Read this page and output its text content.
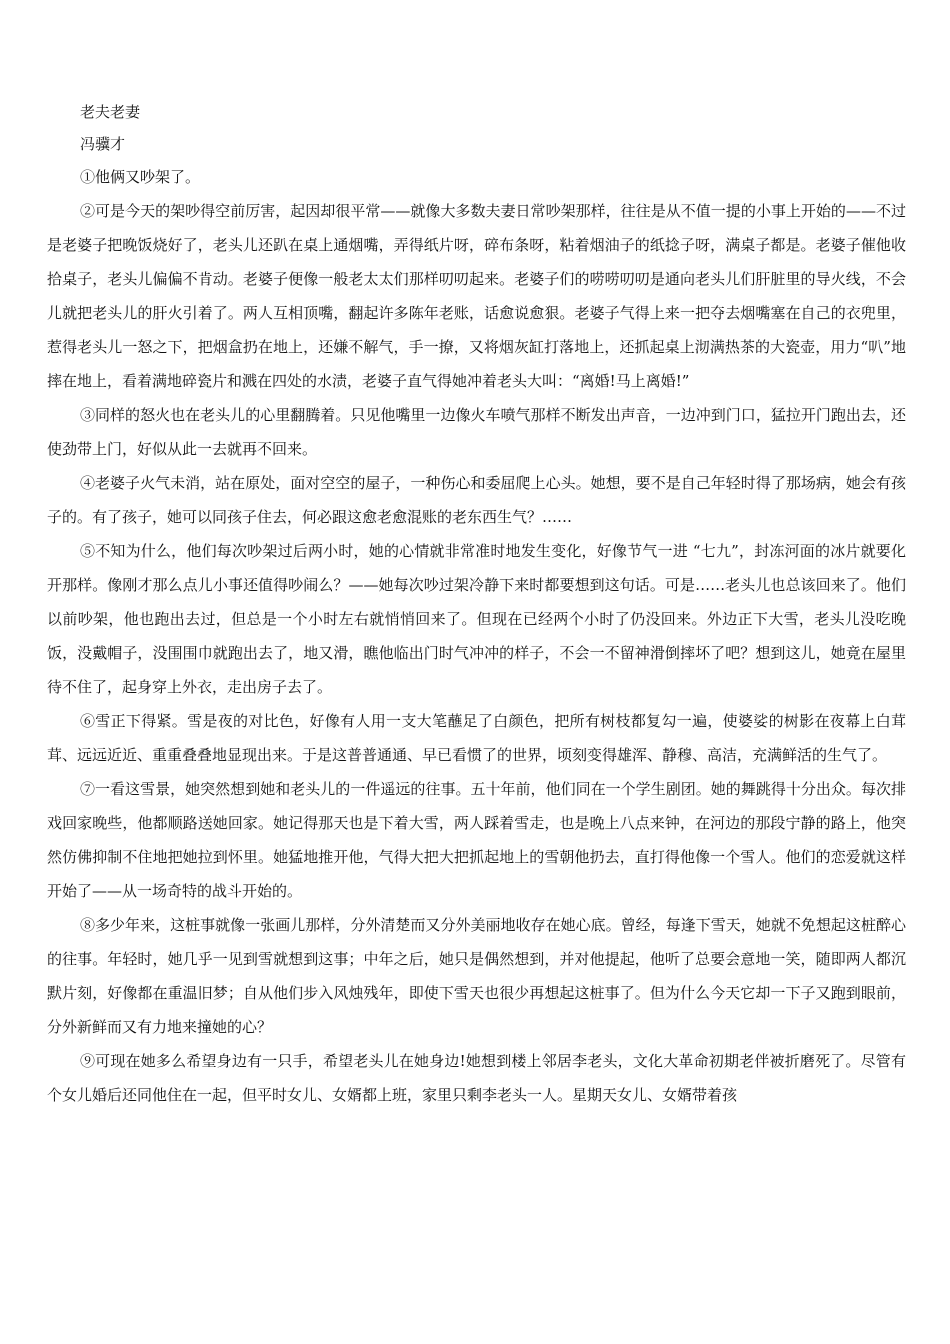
老夫老妻
冯骥才

①他俩又吵架了。

②可是今天的架吵得空前厉害，起因却很平常——就像大多数夫妻日常吵架那样，往往是从不值一提的小事上开始的——不过是老婆子把晚饭烧好了，老头儿还趴在桌上通烟嘴，弄得纸片呀，碎布条呀，粘着烟油子的纸捻子呀，满桌子都是。老婆子催他收拾桌子，老头儿偏偏不肯动。老婆子便像一般老太太们那样叨叨起来。老婆子们的唠唠叨叨是通向老头儿们肝脏里的导火线，不会儿就把老头儿的肝火引着了。两人互相顶嘴，翻起许多陈年老账，话愈说愈狠。老婆子气得上来一把夺去烟嘴塞在自己的衣兜里，惹得老头儿一怒之下，把烟盒扔在地上，还嫌不解气，手一撩，又将烟灰缸打落地上，还抓起桌上沏满热茶的大瓷壶，用力“叭”地摔在地上，看着满地碎瓷片和溅在四处的水渍，老婆子直气得她冲着老头大叫：“离婚!马上离婚!”

③同样的怒火也在老头儿的心里翻腾着。只见他嘴里一边像火车喷气那样不断发出声音，一边冲到门口，猛拉开门跑出去，还使劲带上门，好似从此一去就再不回来。

④老婆子火气未消，站在原处，面对空空的屋子，一种伤心和委屈爬上心头。她想，要不是自己年轻时得了那场病，她会有孩子的。有了孩子，她可以同孩子住去，何必跟这愈老愈混账的老东西生气？……

⑤不知为什么，他们每次吵架过后两小时，她的心情就非常准时地发生变化，好像节气一进 “七九”，封冻河面的冰片就要化开那样。像刚才那么点儿小事还值得吵闹么？——她每次吵过架冷静下来时都要想到这句话。可是……老头儿也总该回来了。他们以前吵架，他也跑出去过，但总是一个小时左右就悄悄回来了。但现在已经两个小时了仍没回来。外边正下大雪，老头儿没吃晚饭，没戴帽子，没围围巾就跑出去了，地又滑，瞧他临出门时气冲冲的样子，不会一不留神滑倒摔坏了吧？想到这儿，她竟在屋里待不住了，起身穿上外衣，走出房子去了。

⑥雪正下得紧。雪是夜的对比色，好像有人用一支大笔蘸足了白颜色，把所有树枝都复勾一遍，使婆娑的树影在夜幕上白茸茸、远远近近、重重叠叠地显现出来。于是这普普通通、早已看惯了的世界，顷刻变得雄浑、静穆、高洁，充满鲜活的生气了。

⑦一看这雪景，她突然想到她和老头儿的一件遥远的往事。五十年前，他们同在一个学生剧团。她的舞跳得十分出众。每次排戏回家晚些，他都顺路送她回家。她记得那天也是下着大雪，两人踩着雪走，也是晚上八点来钟，在河边的那段宁静的路上，他突然仿佛抑制不住地把她拉到怀里。她猛地推开他，气得大把大把抓起地上的雪朝他扔去，直打得他像一个雪人。他们的恋爱就这样开始了——从一场奇特的战斗开始的。

⑧多少年来，这桩事就像一张画儿那样，分外清楚而又分外美丽地收存在她心底。曾经，每逢下雪天，她就不免想起这桩醉心的往事。年轻时，她几乎一见到雪就想到这事；中年之后，她只是偶然想到，并对他提起，他听了总要会意地一笑，随即两人都沉默片刻，好像都在重温旧梦；自从他们步入风烛残年，即使下雪天也很少再想起这桩事了。但为什么今天它却一下子又跑到眼前，分外新鲜而又有力地来撞她的心？

⑨可现在她多么希望身边有一只手，希望老头儿在她身边!她想到楼上邻居李老头，文化大革命初期老伴被折磨死了。尽管有个女儿婚后还同他住在一起，但平时女儿、女婿都上班，家里只剩李老头一人。星期天女儿、女婿带着孩
